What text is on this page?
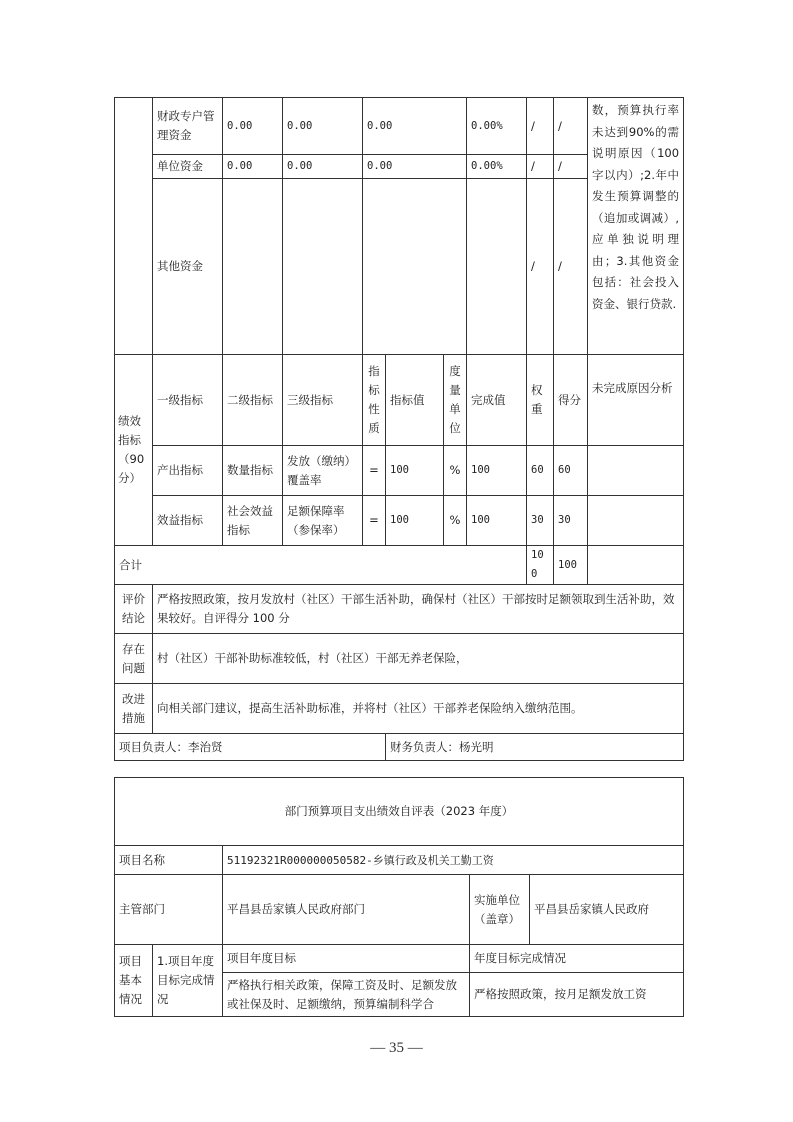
	财政专户管理资金	0.00	0.00	0.00			0.00%	/	/	数，预算执行率未达到90%的需说明原因（100字以内）;2.年中发生预算调整的（追加或调减）,应单独说明理由；3.其他资金包括：社会投入资金、银行贷款.
	单位资金	0.00	0.00	0.00			0.00%	/	/	
	其他资金							/	/	
绩效指标（90分）	一级指标	二级指标	三级指标	指标性质	指标值	度量单位	完成值	权重	得分	未完成原因分析
	产出指标	数量指标	发放（缴纳）覆盖率	=	100	%	100	60	60	
	效益指标	社会效益指标	足额保障率（参保率）	=	100	%	100	30	30	
合计								100	100	
评价结论	严格按照政策，按月发放村（社区）干部生活补助，确保村（社区）干部按时足额领取到生活补助，效果较好。自评得分 100 分									
存在问题	村（社区）干部补助标准较低，村（社区）干部无养老保险，									
改进措施	向相关部门建议，提高生活补助标准，并将村（社区）干部养老保险纳入缴纳范围。									
项目负责人：李治贤					财务负责人：杨光明					
部门预算项目支出绩效自评表（2023 年度）				
项目名称		51192321R000000050582-乡镇行政及机关工勤工资		
主管部门		平昌县岳家镇人民政府部门	实施单位（盖章）	平昌县岳家镇人民政府
项目基本情况	1.项目年度目标完成情况	项目年度目标	年度目标完成情况	
		严格执行相关政策，保障工资及时、足额发放或社保及时、足额缴纳，预算编制科学合	严格按照政策，按月足额发放工资	
— 35 —
